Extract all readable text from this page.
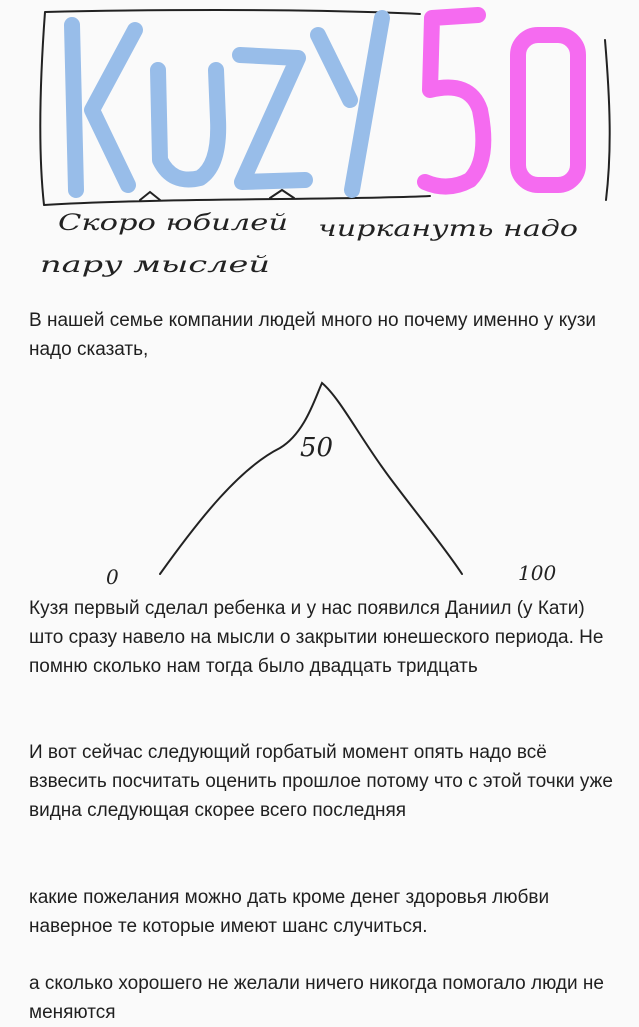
Скоро юбилей чиркануть надо
пару мыслей

В нашей семье компании людей много но почему именно у кузи надо сказать,

50
0	100

Кузя первый сделал ребенка и у нас появился Даниил (у Кати) што сразу навело на мысли о закрытии юнешеского периода. Не помню сколько нам тогда было двадцать тридцать

И вот сейчас следующий горбатый момент опять надо всё взвесить посчитать оценить прошлое потому что с этой точки уже видна следующая скорее всего последняя

какие пожелания можно дать кроме денег здоровья любви наверное те которые имеют шанс случиться.

а сколько хорошего не желали ничего никогда помогало люди не меняются
